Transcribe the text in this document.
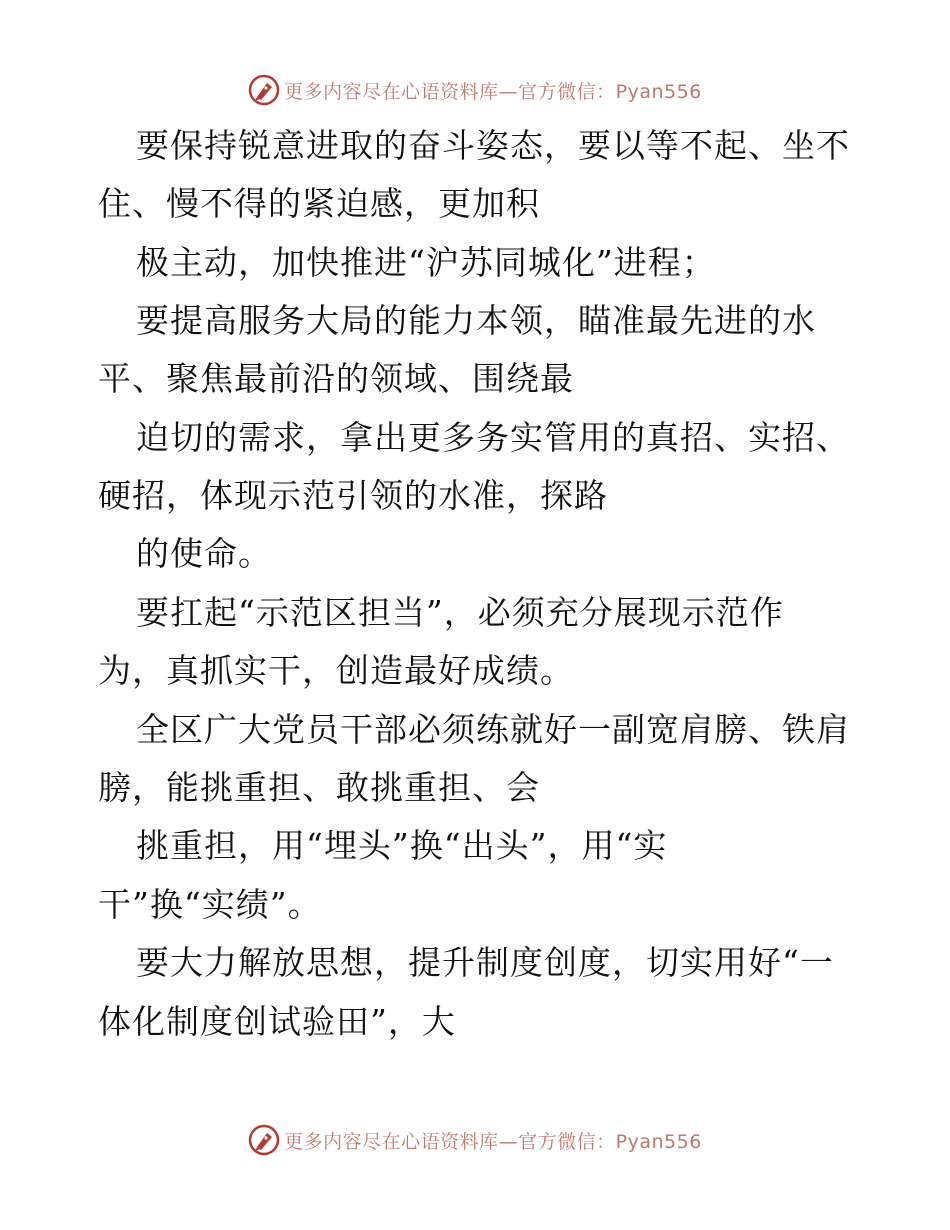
更多内容尽在心语资料库—官方微信：Pyan556
要保持锐意进取的奋斗姿态，要以等不起、坐不
住、慢不得的紧迫感，更加积
极主动，加快推进“沪苏同城化”进程；
要提高服务大局的能力本领，瞄准最先进的水
平、聚焦最前沿的领域、围绕最
迫切的需求，拿出更多务实管用的真招、实招、
硬招，体现示范引领的水准，探路
的使命。
要扛起“示范区担当”，必须充分展现示范作
为，真抓实干，创造最好成绩。
全区广大党员干部必须练就好一副宽肩膀、铁肩
膀，能挑重担、敢挑重担、会
挑重担，用“埋头”换“出头”，用“实
干”换“实绩”。
要大力解放思想，提升制度创度，切实用好“一
体化制度创试验田”，大
更多内容尽在心语资料库—官方微信：Pyan556
